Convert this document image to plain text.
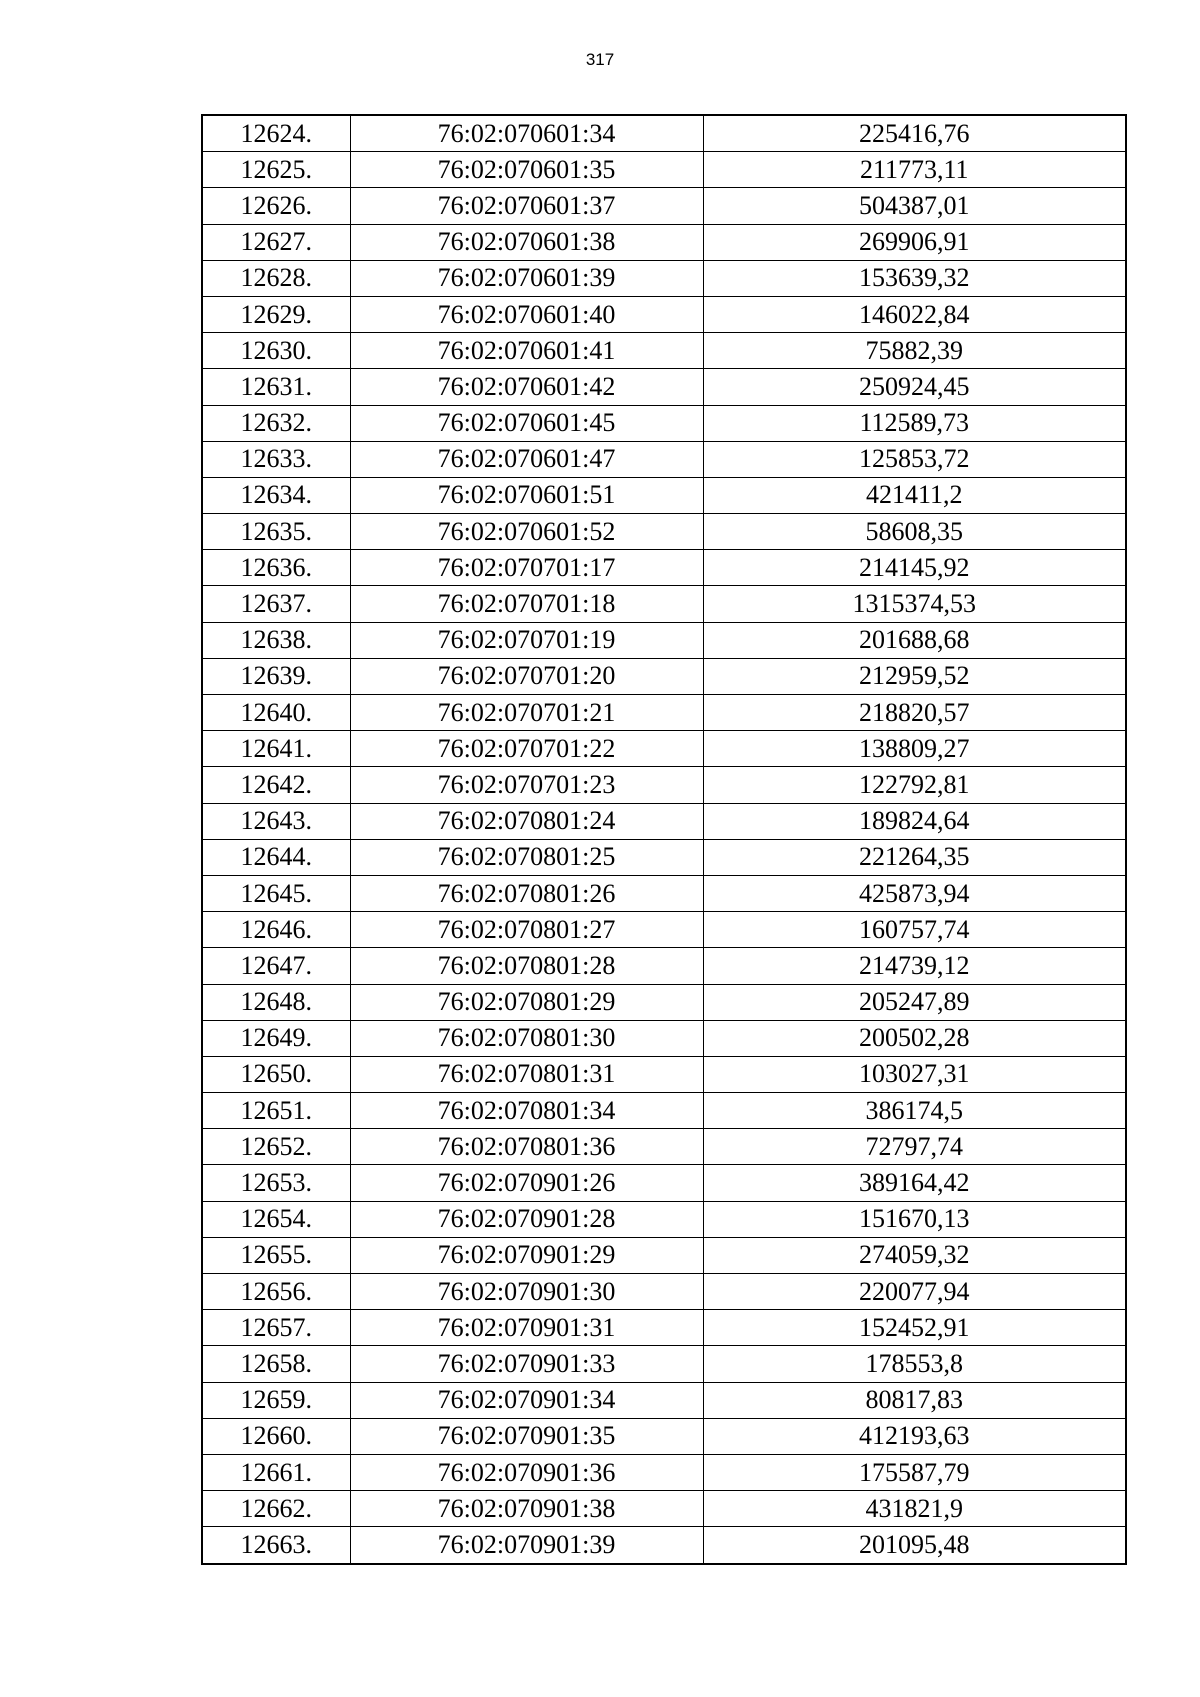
317
12624.	76:02:070601:34	225416,76
12625.	76:02:070601:35	211773,11
12626.	76:02:070601:37	504387,01
12627.	76:02:070601:38	269906,91
12628.	76:02:070601:39	153639,32
12629.	76:02:070601:40	146022,84
12630.	76:02:070601:41	75882,39
12631.	76:02:070601:42	250924,45
12632.	76:02:070601:45	112589,73
12633.	76:02:070601:47	125853,72
12634.	76:02:070601:51	421411,2
12635.	76:02:070601:52	58608,35
12636.	76:02:070701:17	214145,92
12637.	76:02:070701:18	1315374,53
12638.	76:02:070701:19	201688,68
12639.	76:02:070701:20	212959,52
12640.	76:02:070701:21	218820,57
12641.	76:02:070701:22	138809,27
12642.	76:02:070701:23	122792,81
12643.	76:02:070801:24	189824,64
12644.	76:02:070801:25	221264,35
12645.	76:02:070801:26	425873,94
12646.	76:02:070801:27	160757,74
12647.	76:02:070801:28	214739,12
12648.	76:02:070801:29	205247,89
12649.	76:02:070801:30	200502,28
12650.	76:02:070801:31	103027,31
12651.	76:02:070801:34	386174,5
12652.	76:02:070801:36	72797,74
12653.	76:02:070901:26	389164,42
12654.	76:02:070901:28	151670,13
12655.	76:02:070901:29	274059,32
12656.	76:02:070901:30	220077,94
12657.	76:02:070901:31	152452,91
12658.	76:02:070901:33	178553,8
12659.	76:02:070901:34	80817,83
12660.	76:02:070901:35	412193,63
12661.	76:02:070901:36	175587,79
12662.	76:02:070901:38	431821,9
12663.	76:02:070901:39	201095,48
